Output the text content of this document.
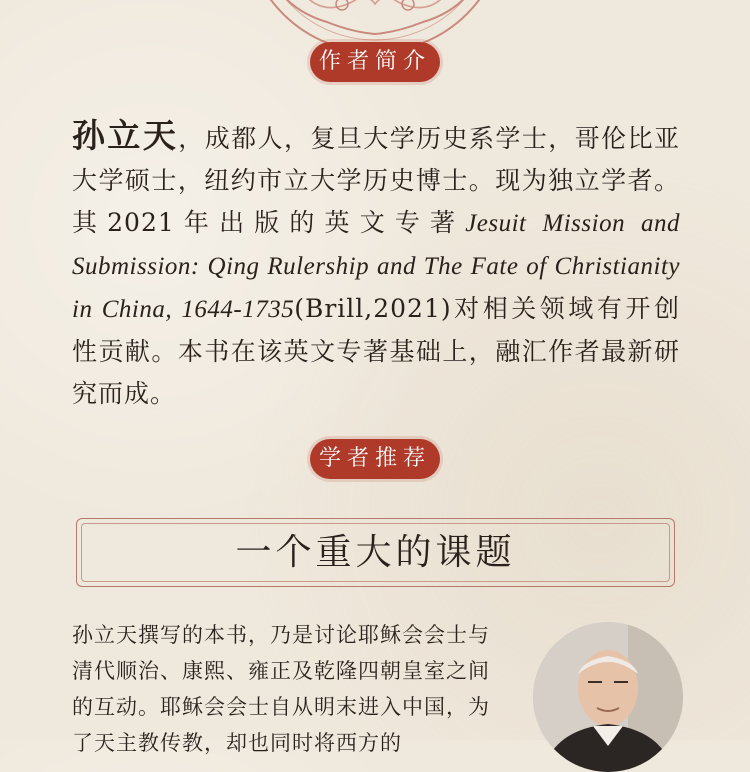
作者简介
孙立天，成都人，复旦大学历史系学士，哥伦比亚大学硕士，纽约市立大学历史博士。现为独立学者。其2021年出版的英文专著Jesuit Mission and Submission: Qing Rulership and The Fate of Christianity in China, 1644-1735(Brill,2021)对相关领域有开创性贡献。本书在该英文专著基础上，融汇作者最新研究而成。
学者推荐
一个重大的课题
孙立天撰写的本书，乃是讨论耶稣会会士与清代顺治、康熙、雍正及乾隆四朝皇室之间的互动。耶稣会会士自从明末进入中国，为了天主教传教，却也同时将西方的
